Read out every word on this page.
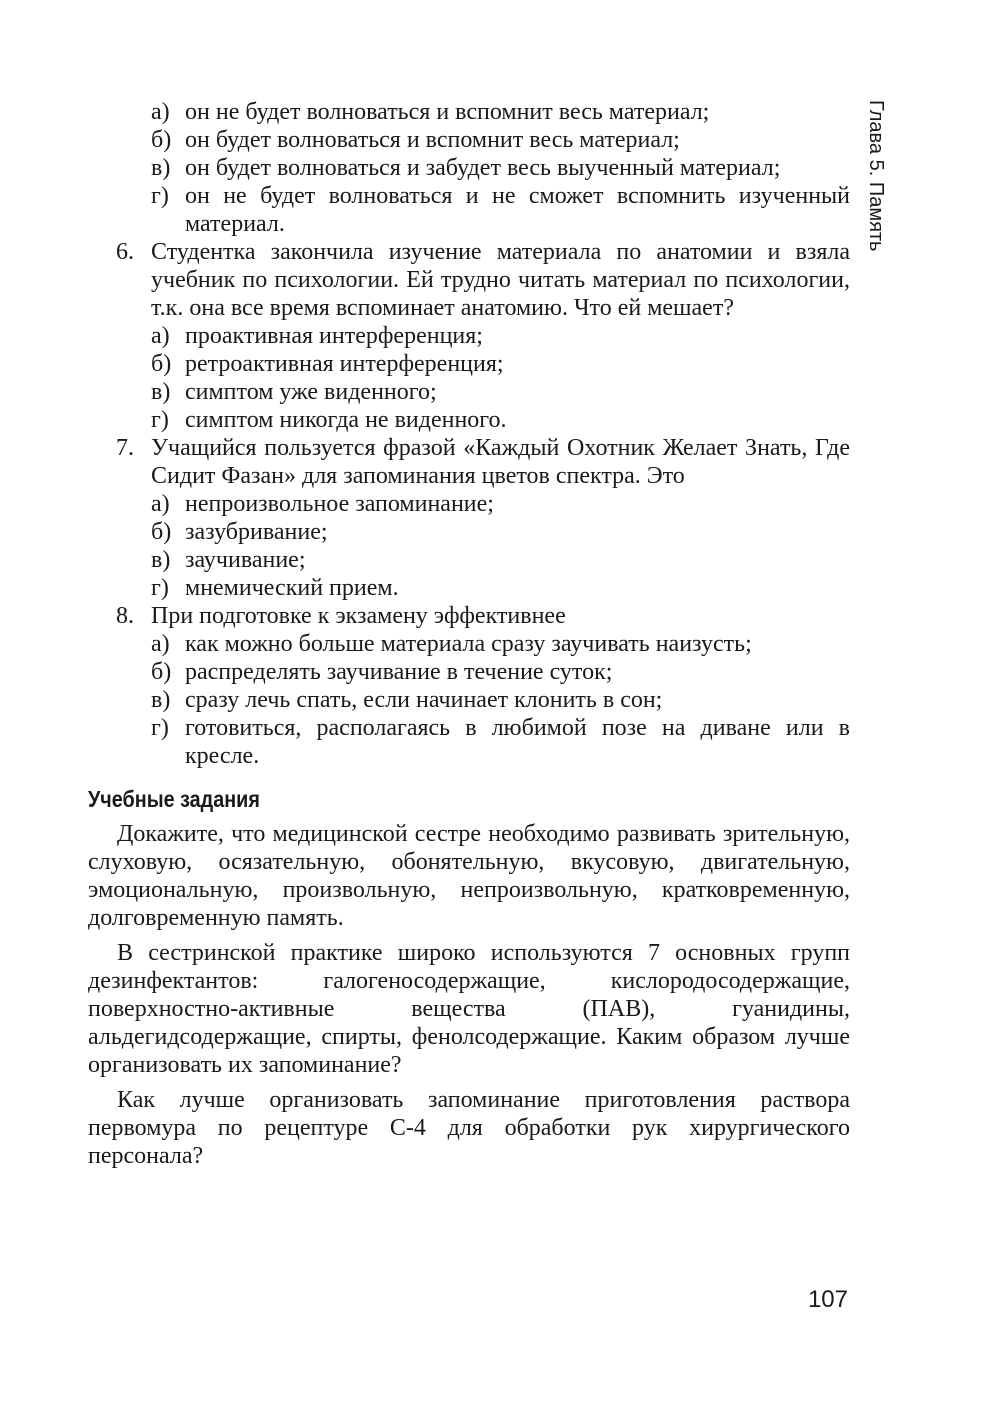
Глава 5. Память
а) он не будет волноваться и вспомнит весь материал;
б) он будет волноваться и вспомнит весь материал;
в) он будет волноваться и забудет весь выученный материал;
г) он не будет волноваться и не сможет вспомнить изученный материал.
6. Студентка закончила изучение материала по анатомии и взяла учебник по психологии. Ей трудно читать материал по психологии, т.к. она все время вспоминает анатомию. Что ей мешает?
а) проактивная интерференция;
б) ретроактивная интерференция;
в) симптом уже виденного;
г) симптом никогда не виденного.
7. Учащийся пользуется фразой «Каждый Охотник Желает Знать, Где Сидит Фазан» для запоминания цветов спектра. Это
а) непроизвольное запоминание;
б) зазубривание;
в) заучивание;
г) мнемический прием.
8. При подготовке к экзамену эффективнее
а) как можно больше материала сразу заучивать наизусть;
б) распределять заучивание в течение суток;
в) сразу лечь спать, если начинает клонить в сон;
г) готовиться, располагаясь в любимой позе на диване или в кресле.
Учебные задания
Докажите, что медицинской сестре необходимо развивать зрительную, слуховую, осязательную, обонятельную, вкусовую, двигательную, эмоциональную, произвольную, непроизвольную, кратковременную, долговременную память.
В сестринской практике широко используются 7 основных групп дезинфектантов: галогеносодержащие, кислородосодержащие, поверхностно-активные вещества (ПАВ), гуанидины, альдегидсодержащие, спирты, фенолсодержащие. Каким образом лучше организовать их запоминание?
Как лучше организовать запоминание приготовления раствора первомура по рецептуре С-4 для обработки рук хирургического персонала?
107
